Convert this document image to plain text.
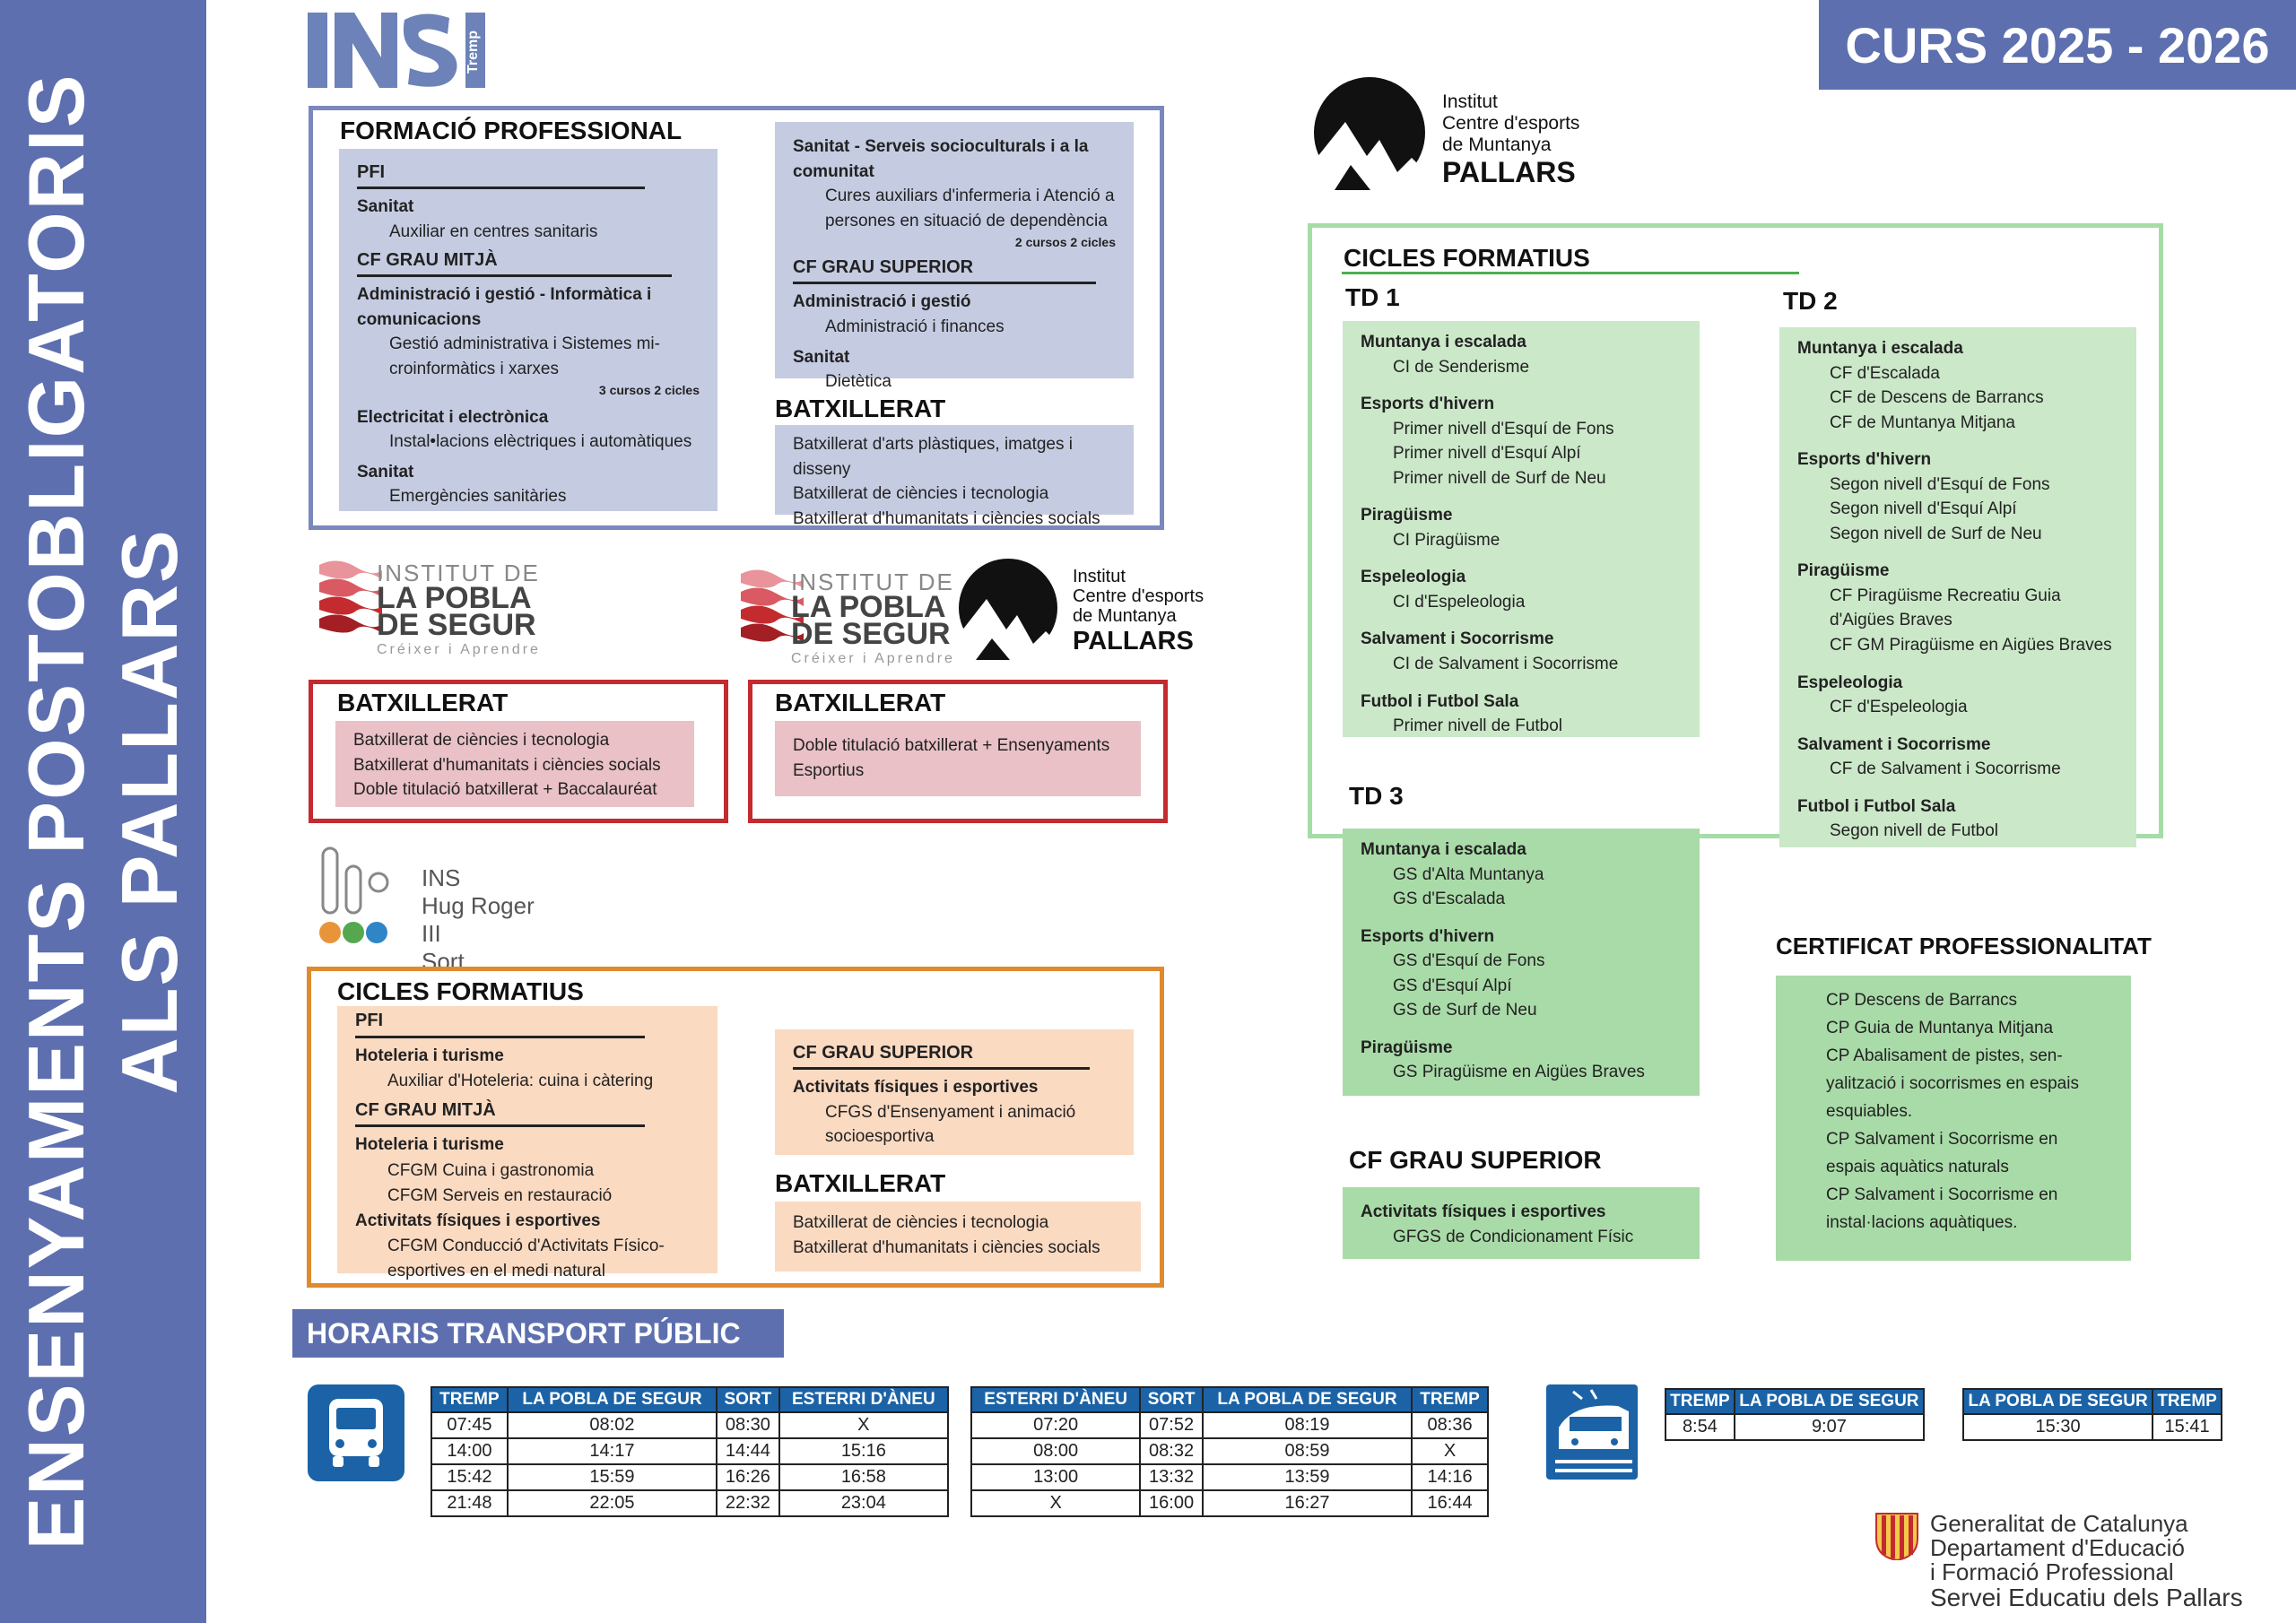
ENSENYAMENTS POSTOBLIGATORIS ALS PALLARS
CURS 2025 - 2026
Tremp
FORMACIÓ PROFESSIONAL
PFI
Sanitat
Auxiliar en centres sanitaris
CF GRAU MITJÀ
Administració i gestió - Informàtica i comunicacions
Gestió administrativa i Sistemes mi-croinformàtics i xarxes
3 cursos 2 cicles
Electricitat i electrònica
Instal•lacions elèctriques i automàtiques
Sanitat
Emergències sanitàries
Sanitat - Serveis socioculturals i a la comunitat
Cures auxiliars d'infermeria i Atenció a persones en situació de dependència
2 cursos 2 cicles
CF GRAU SUPERIOR
Administració i gestió
Administració i finances
Sanitat
Dietètica
BATXILLERAT
Batxillerat d'arts plàstiques, imatges i disseny
Batxillerat de ciències i tecnologia
Batxillerat d'humanitats i ciències socials
Institut
Centre d'esports
de Muntanya
PALLARS
CICLES FORMATIUS
TD 1
Muntanya i escalada
CI de Senderisme
Esports d'hivern
Primer nivell d'Esquí de Fons
Primer nivell d'Esquí Alpí
Primer nivell de Surf de Neu
Piragüisme
CI Piragüisme
Espeleologia
CI d'Espeleologia
Salvament i Socorrisme
CI de Salvament i Socorrisme
Futbol i Futbol Sala
Primer nivell de Futbol
TD 2
Muntanya i escalada
CF d'Escalada
CF de Descens de Barrancs
CF de Muntanya Mitjana
Esports d'hivern
Segon nivell d'Esquí de Fons
Segon nivell d'Esquí Alpí
Segon nivell de Surf de Neu
Piragüisme
CF Piragüisme Recreatiu Guia d'Aigües Braves
CF GM Piragüisme en Aigües Braves
Espeleologia
CF d'Espeleologia
Salvament i Socorrisme
CF de Salvament i Socorrisme
Futbol i Futbol Sala
Segon nivell de Futbol
TD 3
Muntanya i escalada
GS d'Alta Muntanya
GS d'Escalada
Esports d'hivern
GS d'Esquí de Fons
GS d'Esquí Alpí
GS de Surf de Neu
Piragüisme
GS Piragüisme en Aigües Braves
CF GRAU SUPERIOR
Activitats físiques i esportives
GFGS de Condicionament Físic
CERTIFICAT PROFESSIONALITAT
CP Descens de Barrancs
CP Guia de Muntanya Mitjana
CP Abalisament de pistes, sen-yalització i socorrismes en espais esquiables.
CP Salvament i Socorrisme en espais aquàtics naturals
CP Salvament i Socorrisme en instal·lacions aquàtiques.
INSTITUT DE
LA POBLA
DE SEGUR
Créixer i Aprendre
INSTITUT DE
LA POBLA
DE SEGUR
Créixer i Aprendre
Institut
Centre d'esports
de Muntanya
PALLARS
BATXILLERAT
Batxillerat de ciències i tecnologia
Batxillerat d'humanitats i ciències socials
Doble titulació batxillerat + Baccalauréat
BATXILLERAT
Doble titulació batxillerat + Ensenyaments Esportius
INS
Hug Roger III
Sort
CICLES FORMATIUS
PFI
Hoteleria i turisme
Auxiliar d'Hoteleria: cuina i càtering
CF GRAU MITJÀ
Hoteleria i turisme
CFGM Cuina i gastronomia
CFGM Serveis en restauració
Activitats físiques i esportives
CFGM Conducció d'Activitats Físico-esportives en el medi natural
CF GRAU SUPERIOR
Activitats físiques i esportives
CFGS d'Ensenyament i animació socioesportiva
BATXILLERAT
Batxillerat de ciències i tecnologia
Batxillerat d'humanitats i ciències socials
HORARIS TRANSPORT PÚBLIC
TREMP	LA POBLA DE SEGUR	SORT	ESTERRI D'ÀNEU
07:45	08:02	08:30	X
14:00	14:17	14:44	15:16
15:42	15:59	16:26	16:58
21:48	22:05	22:32	23:04
ESTERRI D'ÀNEU	SORT	LA POBLA DE SEGUR	TREMP
07:20	07:52	08:19	08:36
08:00	08:32	08:59	X
13:00	13:32	13:59	14:16
X	16:00	16:27	16:44
TREMP	LA POBLA DE SEGUR
8:54	9:07
LA POBLA DE SEGUR	TREMP
15:30	15:41
Generalitat de Catalunya
Departament d'Educació
i Formació Professional
Servei Educatiu dels Pallars
